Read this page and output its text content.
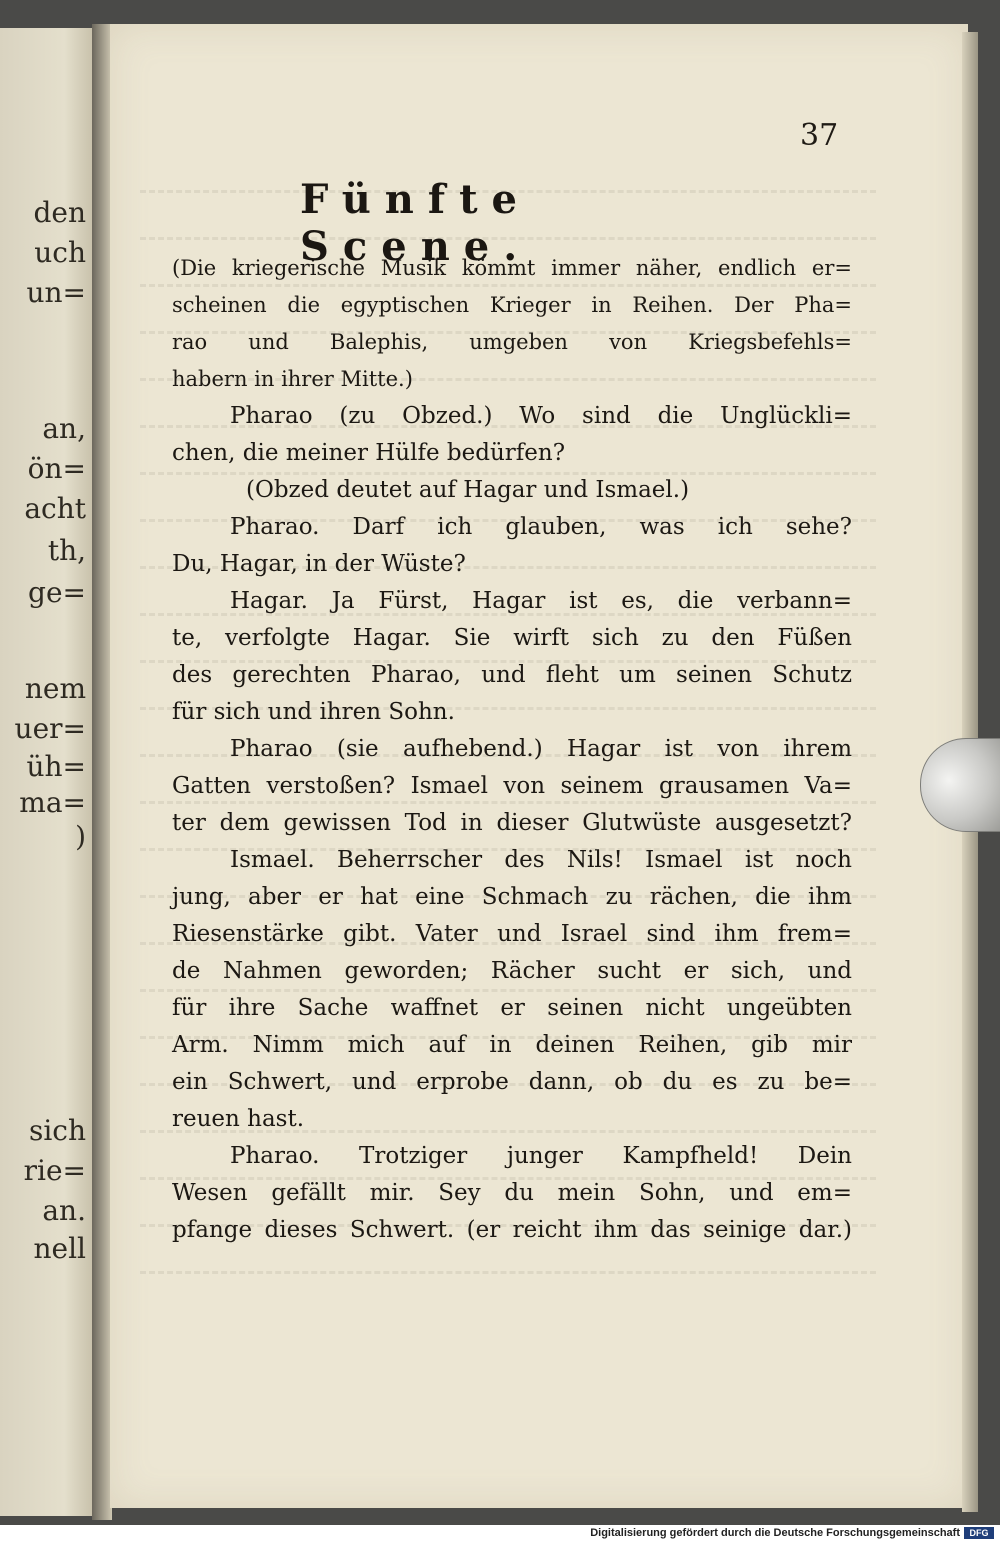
den
uch
un=
an,
ön=
acht
th,
ge=
nem
uer=
üh=
ma=
)
sich
rie=
an.
nell
37
Fünfte Scene.
(Die kriegerische Musik kömmt immer näher, endlich er=
scheinen die egyptischen Krieger in Reihen. Der Pha=
rao und Balephis, umgeben von Kriegsbefehls=
habern in ihrer Mitte.)
Pharao (zu Obzed.) Wo sind die Unglückli=
chen, die meiner Hülfe bedürfen?
(Obzed deutet auf Hagar und Ismael.)
Pharao. Darf ich glauben, was ich sehe?
Du, Hagar, in der Wüste?
Hagar. Ja Fürst, Hagar ist es, die verbann=
te, verfolgte Hagar. Sie wirft sich zu den Füßen
des gerechten Pharao, und fleht um seinen Schutz
für sich und ihren Sohn.
Pharao (sie aufhebend.) Hagar ist von ihrem
Gatten verstoßen? Ismael von seinem grausamen Va=
ter dem gewissen Tod in dieser Glutwüste ausgesetzt?
Ismael. Beherrscher des Nils! Ismael ist noch
jung, aber er hat eine Schmach zu rächen, die ihm
Riesenstärke gibt. Vater und Israel sind ihm frem=
de Nahmen geworden; Rächer sucht er sich, und
für ihre Sache waffnet er seinen nicht ungeübten
Arm. Nimm mich auf in deinen Reihen, gib mir
ein Schwert, und erprobe dann, ob du es zu be=
reuen hast.
Pharao. Trotziger junger Kampfheld! Dein
Wesen gefällt mir. Sey du mein Sohn, und em=
pfange dieses Schwert. (er reicht ihm das seinige dar.)
Digitalisierung gefördert durch die Deutsche Forschungsgemeinschaft	DFG
